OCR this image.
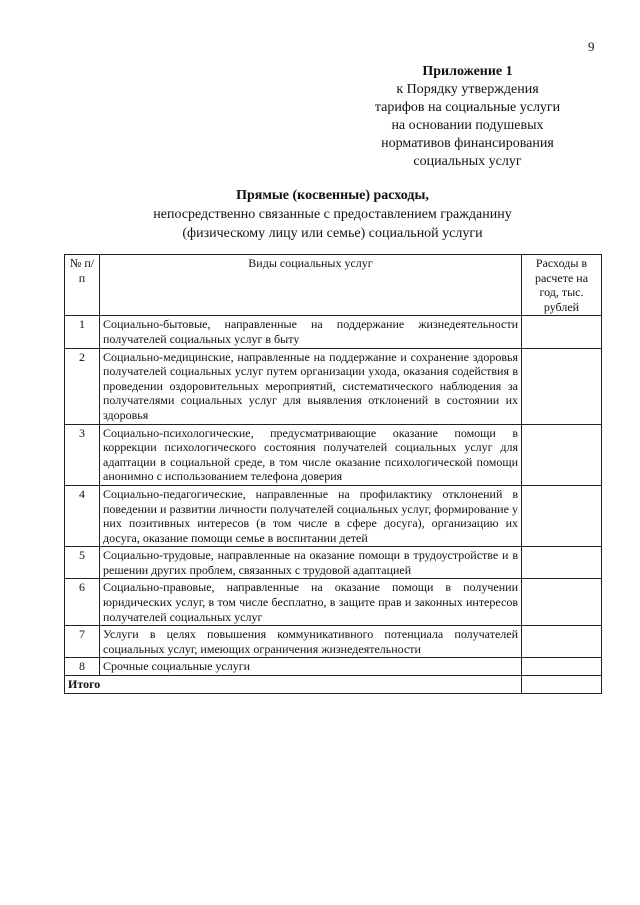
9
Приложение 1
к Порядку утверждения
тарифов на социальные услуги
на основании подушевых
нормативов финансирования
социальных услуг
Прямые (косвенные) расходы,
непосредственно связанные с предоставлением гражданину
(физическому лицу или семье) социальной услуги
№ п/п	Виды социальных услуг	Расходы в расчете на год, тыс. рублей
1	Социально-бытовые, направленные на поддержание жизнедеятельности получателей социальных услуг в быту	
2	Социально-медицинские, направленные на поддержание и сохранение здоровья получателей социальных услуг путем организации ухода, оказания содействия в проведении оздоровительных мероприятий, систематического наблюдения за получателями социальных услуг для выявления отклонений в состоянии их здоровья	
3	Социально-психологические, предусматривающие оказание помощи в коррекции психологического состояния получателей социальных услуг для адаптации в социальной среде, в том числе оказание психологической помощи анонимно с использованием телефона доверия	
4	Социально-педагогические, направленные на профилактику отклонений в поведении и развитии личности получателей социальных услуг, формирование у них позитивных интересов (в том числе в сфере досуга), организацию их досуга, оказание помощи семье в воспитании детей	
5	Социально-трудовые, направленные на оказание помощи в трудоустройстве и в решении других проблем, связанных с трудовой адаптацией	
6	Социально-правовые, направленные на оказание помощи в получении юридических услуг, в том числе бесплатно, в защите прав и законных интересов получателей социальных услуг	
7	Услуги в целях повышения коммуникативного потенциала получателей социальных услуг, имеющих ограничения жизнедеятельности	
8	Срочные социальные услуги	
Итого		
